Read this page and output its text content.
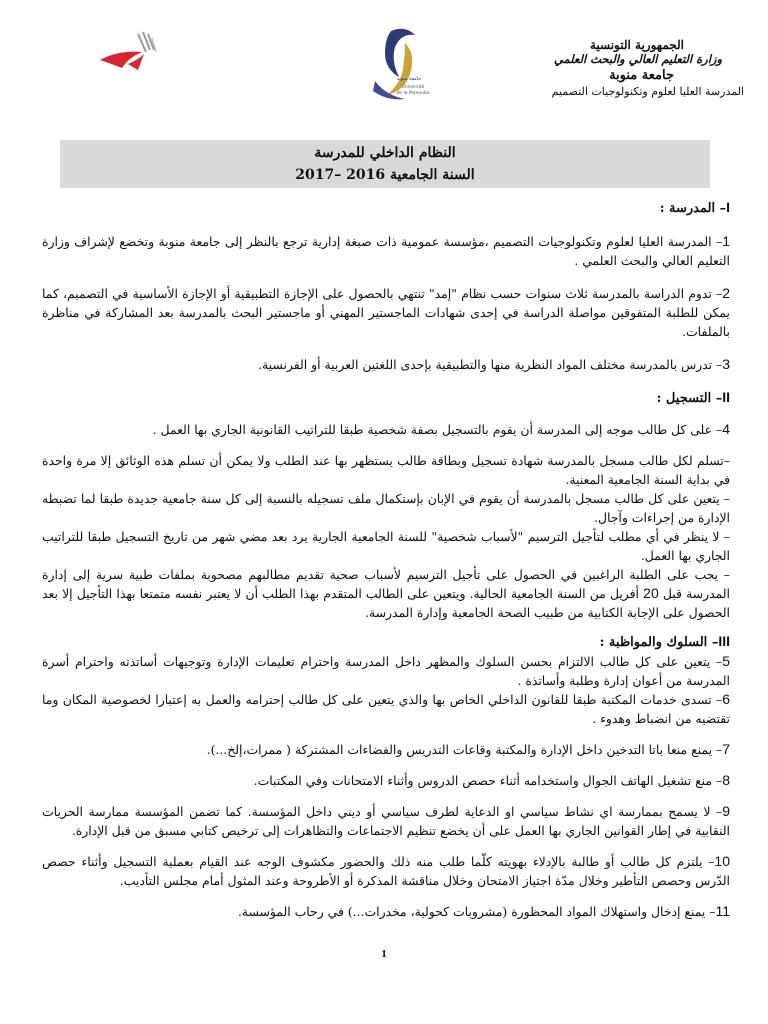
جامعة منوبة
Université
de la Manouba
الجمهورية التونسية
وزارة التعليم العالي والبحث العلمي
جامعة منوبة
المدرسة العليا لعلوم وتكنولوجيات التصميم
النظام الداخلي للمدرسة
السنة الجامعية 2016 –2017

I– المدرسة :

1– المدرسة العليا لعلوم وتكنولوجيات التصميم ،مؤسسة عمومية ذات صبغة إدارية ترجع بالنظر إلى جامعة منوبة وتخضع لإشراف وزارة التعليم العالي والبحث العلمي .

2– تدوم الدراسة بالمدرسة ثلاث سنوات حسب نظام "إمد" تنتهي بالحصول على الإجازة التطبيقية أو الإجازة الأساسية في التصميم، كما يمكن للطلبة المتفوقين مواصلة الدراسة في إحدى شهادات الماجستير المهني أو ماجستير البحث بالمدرسة بعد المشاركة في مناظرة بالملفات.

3– تدرس بالمدرسة مختلف المواد النظرية منها والتطبيقية بإحدى اللغتين العربية أو الفرنسية.

II– التسجيل :

4– على كل طالب موجه إلى المدرسة أن يقوم بالتسجيل بصفة شخصية طبقا للتراتيب القانونية الجاري بها العمل .

–تسلم لكل طالب مسجل بالمدرسة شهادة تسجيل وبطاقة طالب يستظهر بها عند الطلب ولا يمكن أن تسلم هذه الوثائق إلا مرة واحدة في بداية السنة الجامعية المعنية.

– يتعين على كل طالب مسجل بالمدرسة أن يقوم في الإبان بإستكمال ملف تسجيله بالنسبة إلى كل سنة جامعية جديدة طبقا لما تضبطه الإدارة من إجراءات وآجال.

– لا ينظر في أي مطلب لتأجيل الترسيم "لأسباب شخصية" للسنة الجامعية الجارية يرد بعد مضي شهر من تاريخ التسجيل طبقا للتراتيب الجاري بها العمل.

– يجب على الطلبة الراغبين في الحصول على تأجيل الترسيم لأسباب صحية تقديم مطالبهم مصحوبة بملفات طبية سرية إلى إدارة المدرسة قبل 20 أفريل من السنة الجامعية الحالية. ويتعين على الطالب المتقدم بهذا الطلب أن لا يعتبر نفسه متمتعا بهذا التأجيل إلا بعد الحصول على الإجابة الكتابية من طبيب الصحة الجامعية وإدارة المدرسة.

III– السلوك والمواظبة :

5– يتعين على كل طالب الالتزام بحسن السلوك والمظهر داخل المدرسة واحترام تعليمات الإدارة وتوجيهات أساتذته واحترام أسرة المدرسة من أعوان إدارة وطلبة وأساتذة .

6– تسدى خدمات المكتبة طبقا للقانون الداخلي الخاص بها والذي يتعين على كل طالب إحترامه والعمل به إعتبارا لخصوصية المكان وما تقتضيه من انضباط وهدوء .

7– يمنع منعا باتا التدخين داخل الإدارة والمكتبة وقاعات التدريس والفضاءات المشتركة ( ممرات،إلخ...).

8– منع تشغيل الهاتف الجوال واستخدامه أثناء حصص الدروس وأثناء الامتحانات وفي المكتبات.

9– لا يسمح بممارسة اي نشاط سياسي او الدعاية لطرف سياسي أو ديني داخل المؤسسة. كما تضمن المؤسسة ممارسة الحريات النقابية في إطار القوانين الجاري بها العمل على أن يخضع تنظيم الاجتماعات والتظاهرات إلى ترخيص كتابي مسبق من قبل الإدارة.

10– يلتزم كل طالب أو طالبة بالإدلاء بهويته كلّما طلب منه ذلك والحضور مكشوف الوجه عند القيام بعملية التسجيل وأثناء حصص الدّرس وحصص التأطير وخلال مدّة اجتياز الامتحان وخلال مناقشة المذكرة أو الأطروحة وعند المثول أمام مجلس التأديب.

11– يمنع إدخال واستهلاك المواد المحظورة (مشروبات كحولية، مخدرات...) في رحاب المؤسسة.

1
